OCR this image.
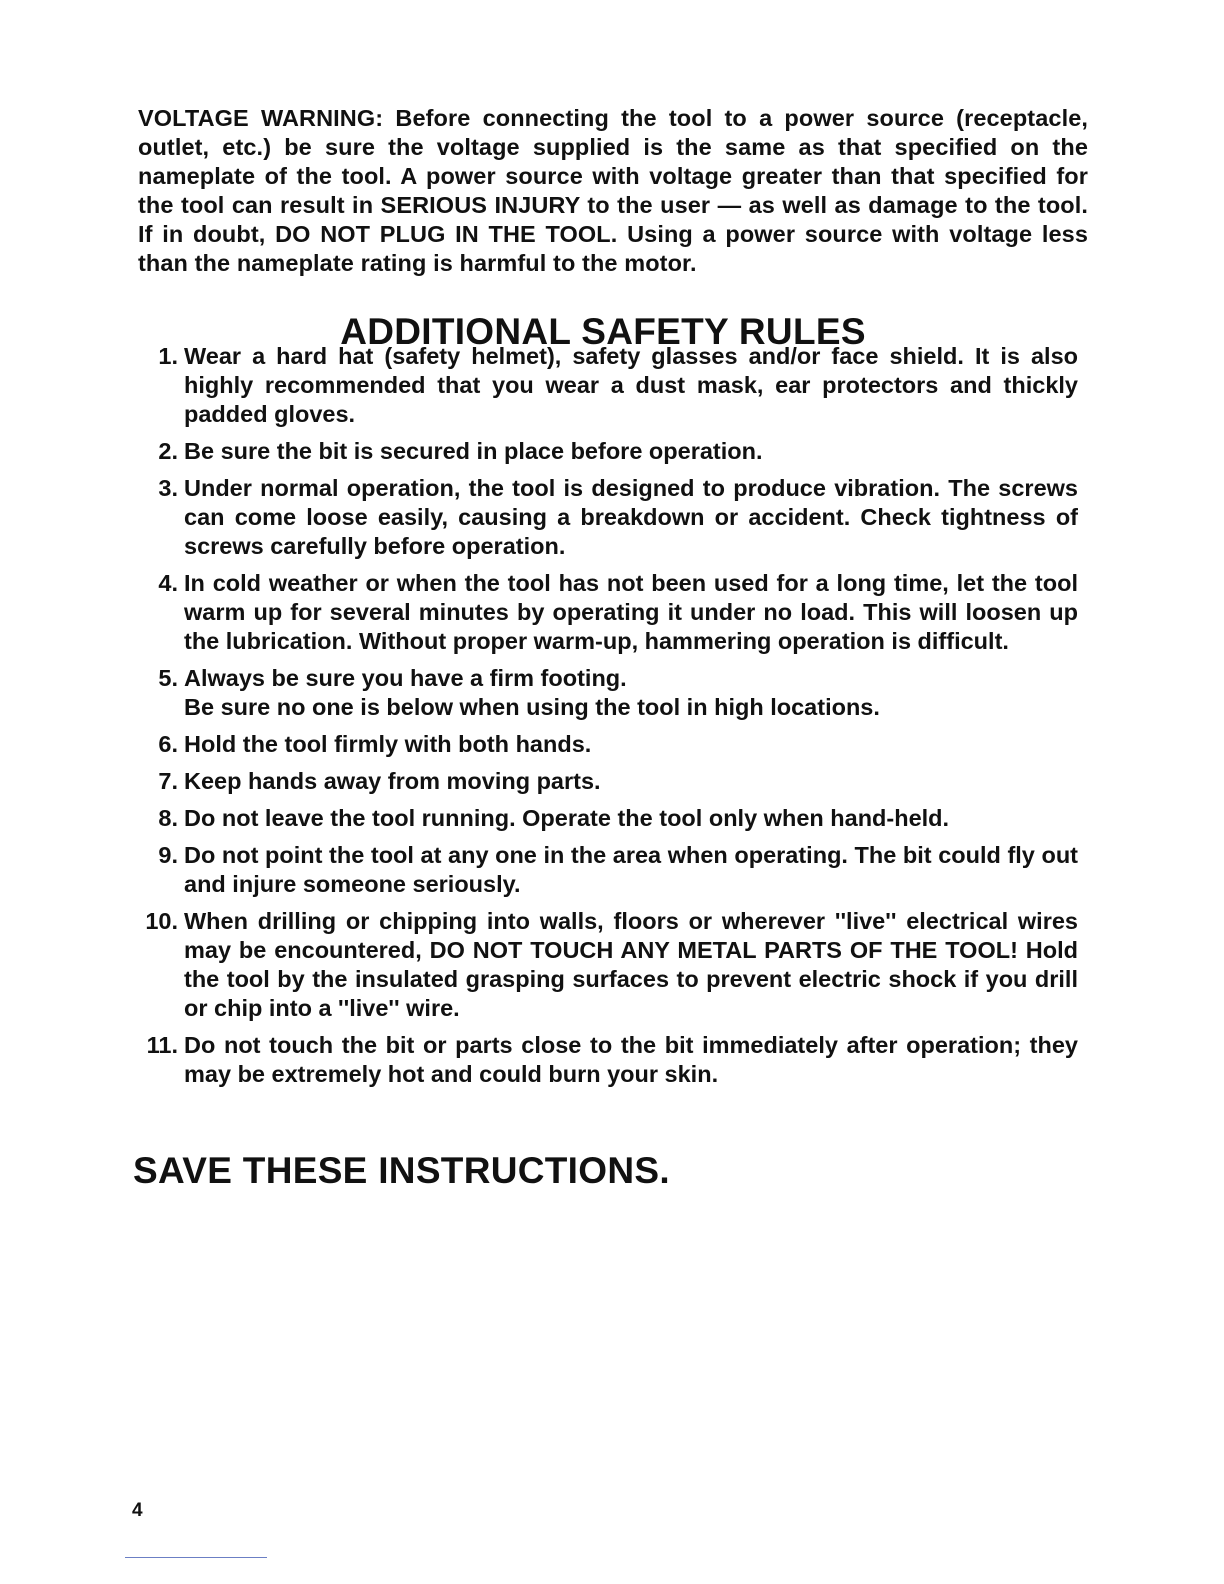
VOLTAGE WARNING: Before connecting the tool to a power source (receptacle, outlet, etc.) be sure the voltage supplied is the same as that specified on the nameplate of the tool. A power source with voltage greater than that specified for the tool can result in SERIOUS INJURY to the user — as well as damage to the tool. If in doubt, DO NOT PLUG IN THE TOOL. Using a power source with voltage less than the nameplate rating is harmful to the motor.

ADDITIONAL SAFETY RULES
1. Wear a hard hat (safety helmet), safety glasses and/or face shield. It is also highly recommended that you wear a dust mask, ear protectors and thickly padded gloves.
2. Be sure the bit is secured in place before operation.
3. Under normal operation, the tool is designed to produce vibration. The screws can come loose easily, causing a breakdown or accident. Check tightness of screws carefully before operation.
4. In cold weather or when the tool has not been used for a long time, let the tool warm up for several minutes by operating it under no load. This will loosen up the lubrication. Without proper warm-up, hammering operation is difficult.
5. Always be sure you have a firm footing.
Be sure no one is below when using the tool in high locations.
6. Hold the tool firmly with both hands.
7. Keep hands away from moving parts.
8. Do not leave the tool running. Operate the tool only when hand-held.
9. Do not point the tool at any one in the area when operating. The bit could fly out and injure someone seriously.
10. When drilling or chipping into walls, floors or wherever ''live'' electrical wires may be encountered, DO NOT TOUCH ANY METAL PARTS OF THE TOOL! Hold the tool by the insulated grasping surfaces to prevent electric shock if you drill or chip into a ''live'' wire.
11. Do not touch the bit or parts close to the bit immediately after operation; they may be extremely hot and could burn your skin.
SAVE THESE INSTRUCTIONS.
4
